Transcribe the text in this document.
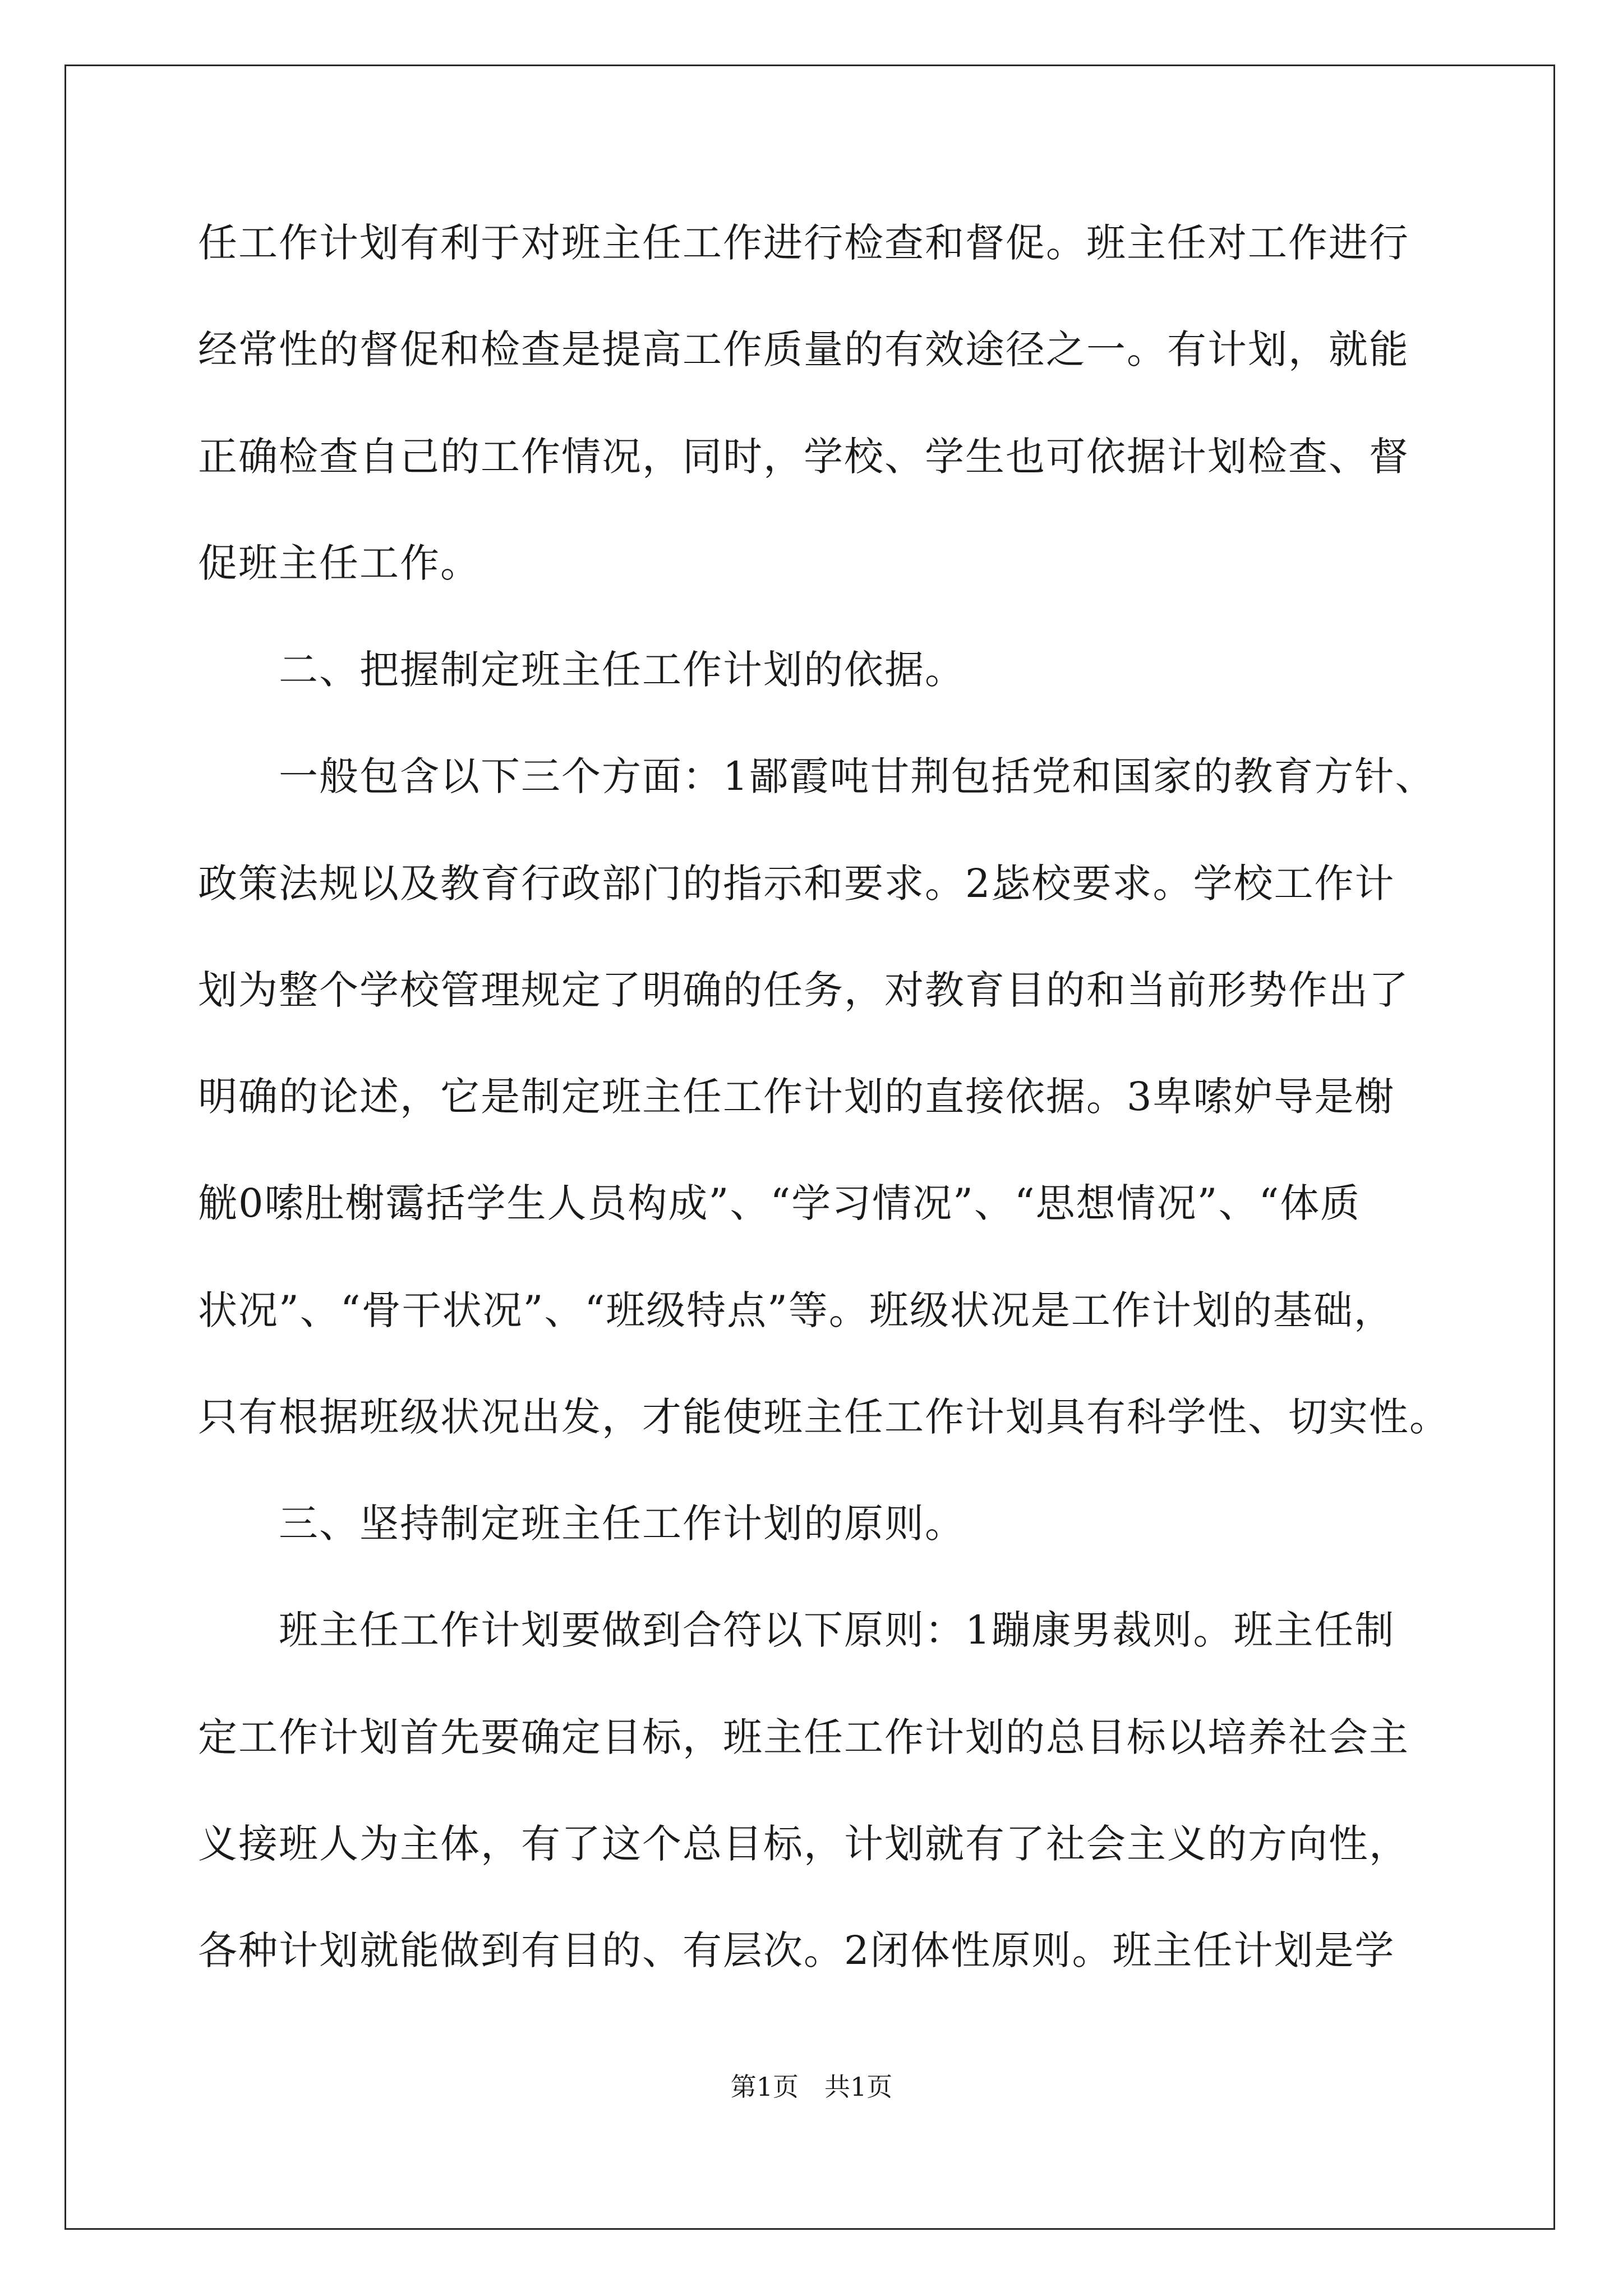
任工作计划有利于对班主任工作进行检查和督促。班主任对工作进行
经常性的督促和检查是提高工作质量的有效途径之一。有计划，就能
正确检查自己的工作情况，同时，学校、学生也可依据计划检查、督
促班主任工作。
　　二、把握制定班主任工作计划的依据。
　　一般包含以下三个方面：1鄙霞吨甘荆包括党和国家的教育方针、
政策法规以及教育行政部门的指示和要求。2毖校要求。学校工作计
划为整个学校管理规定了明确的任务，对教育目的和当前形势作出了
明确的论述，它是制定班主任工作计划的直接依据。3卑嗦妒导是榭
觥0嗦肚榭霭括学生人员构成”、“学习情况”、“思想情况”、“体质
状况”、“骨干状况”、“班级特点”等。班级状况是工作计划的基础，
只有根据班级状况出发，才能使班主任工作计划具有科学性、切实性。
　　三、坚持制定班主任工作计划的原则。
　　班主任工作计划要做到合符以下原则：1蹦康男裁则。班主任制
定工作计划首先要确定目标，班主任工作计划的总目标以培养社会主
义接班人为主体，有了这个总目标，计划就有了社会主义的方向性，
各种计划就能做到有目的、有层次。2闭体性原则。班主任计划是学
第1页　共1页
